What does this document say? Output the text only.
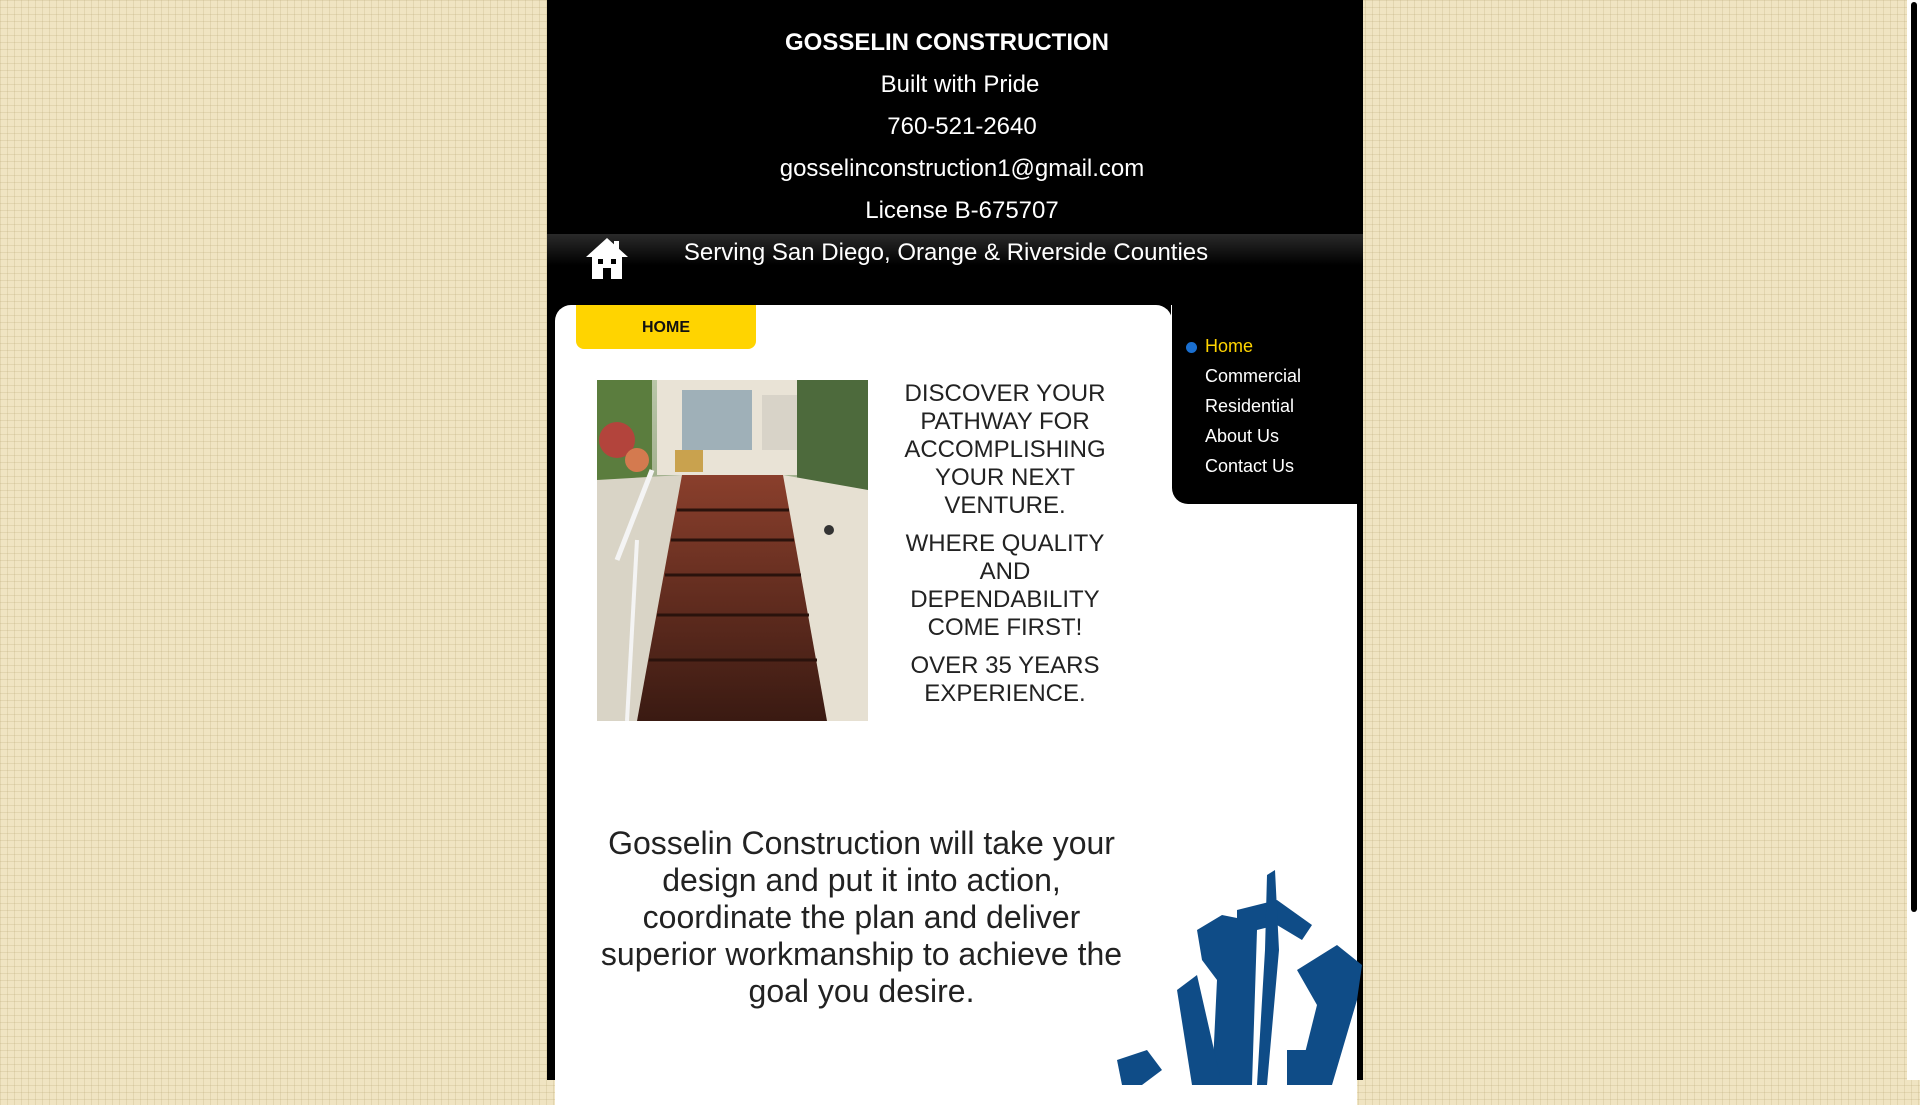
GOSSELIN CONSTRUCTION
Built with Pride
760-521-2640
gosselinconstruction1@gmail.com
License B-675707
Serving San Diego, Orange & Riverside Counties
HOME

DISCOVER YOUR PATHWAY FOR ACCOMPLISHING YOUR NEXT VENTURE.

WHERE QUALITY AND DEPENDABILITY COME FIRST!

OVER 35 YEARS EXPERIENCE.

Gosselin Construction will take your design and put it into action, coordinate the plan and deliver superior workmanship to achieve the goal you desire.
Home
Commercial
Residential
About Us
Contact Us
